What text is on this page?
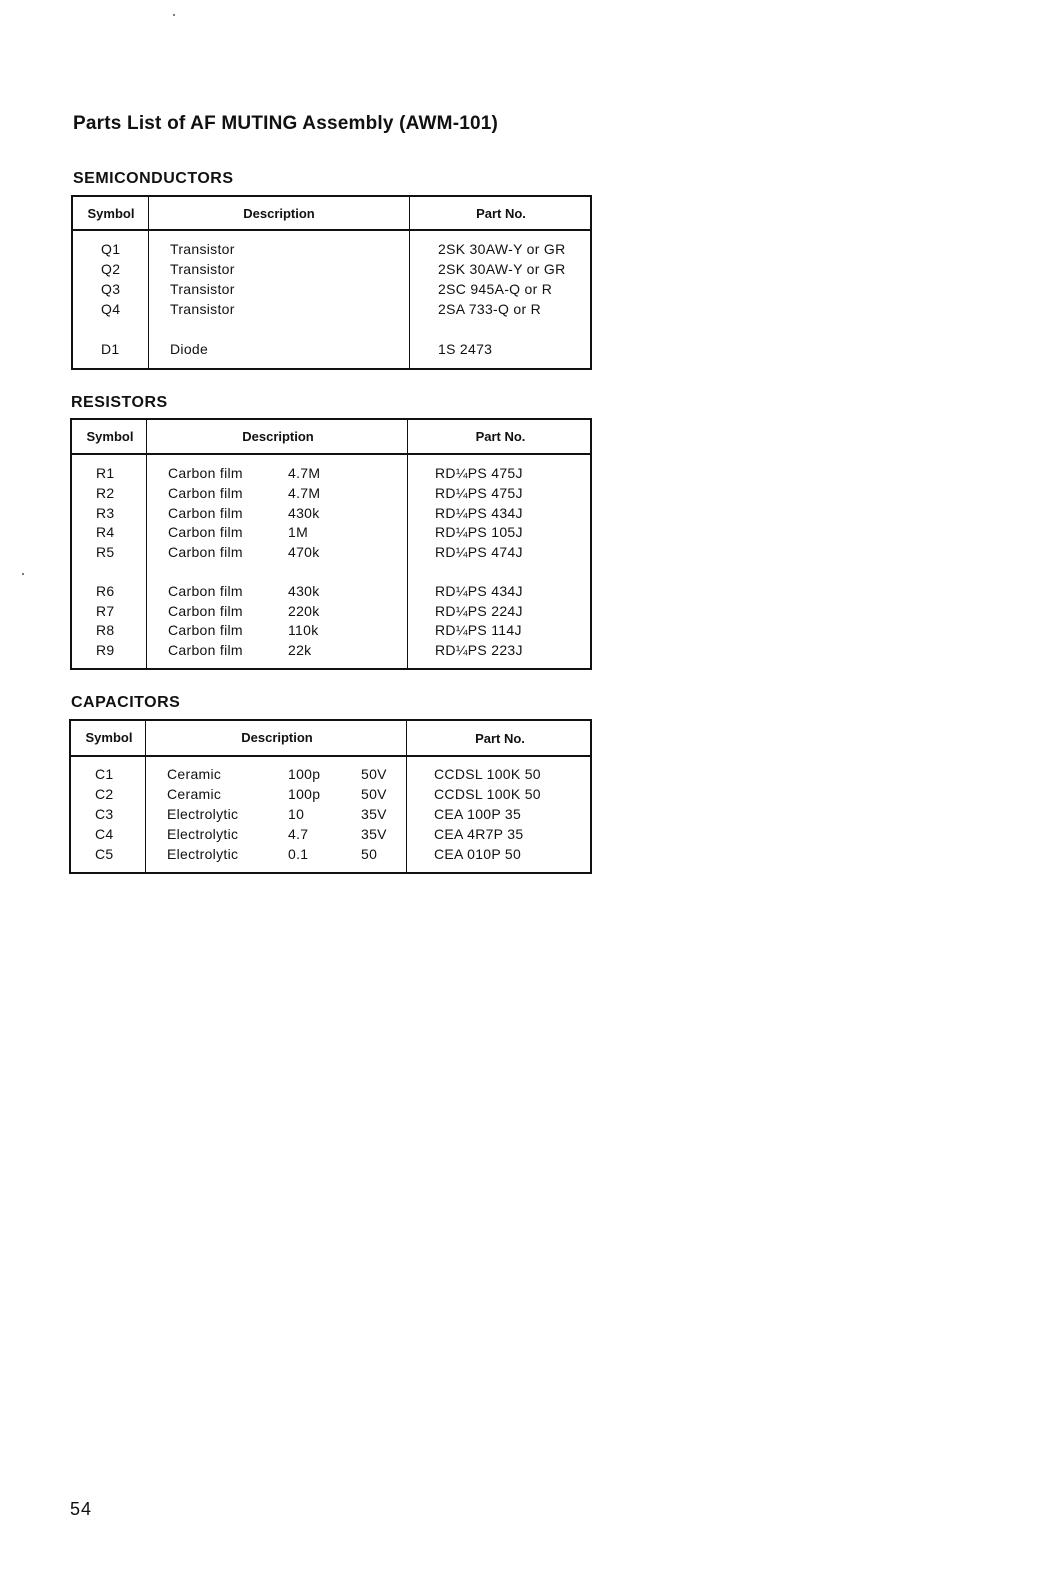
Parts List of AF MUTING Assembly (AWM-101)
SEMICONDUCTORS
Symbol	Description	Part No.
Q1	Transistor	2SK 30AW-Y or GR
Q2	Transistor	2SK 30AW-Y or GR
Q3	Transistor	2SC 945A-Q or R
Q4	Transistor	2SA 733-Q or R
D1	Diode	1S 2473
RESISTORS
Symbol	Description	Part No.
R1	Carbon film	4.7M	RD¼PS 475J
R2	Carbon film	4.7M	RD¼PS 475J
R3	Carbon film	430k	RD¼PS 434J
R4	Carbon film	1M	RD¼PS 105J
R5	Carbon film	470k	RD¼PS 474J
R6	Carbon film	430k	RD¼PS 434J
R7	Carbon film	220k	RD¼PS 224J
R8	Carbon film	110k	RD¼PS 114J
R9	Carbon film	22k	RD¼PS 223J
CAPACITORS
Symbol	Description	Part No.
C1	Ceramic	100p	50V	CCDSL 100K 50
C2	Ceramic	100p	50V	CCDSL 100K 50
C3	Electrolytic	10	35V	CEA 100P 35
C4	Electrolytic	4.7	35V	CEA 4R7P 35
C5	Electrolytic	0.1	50	CEA 010P 50
54
